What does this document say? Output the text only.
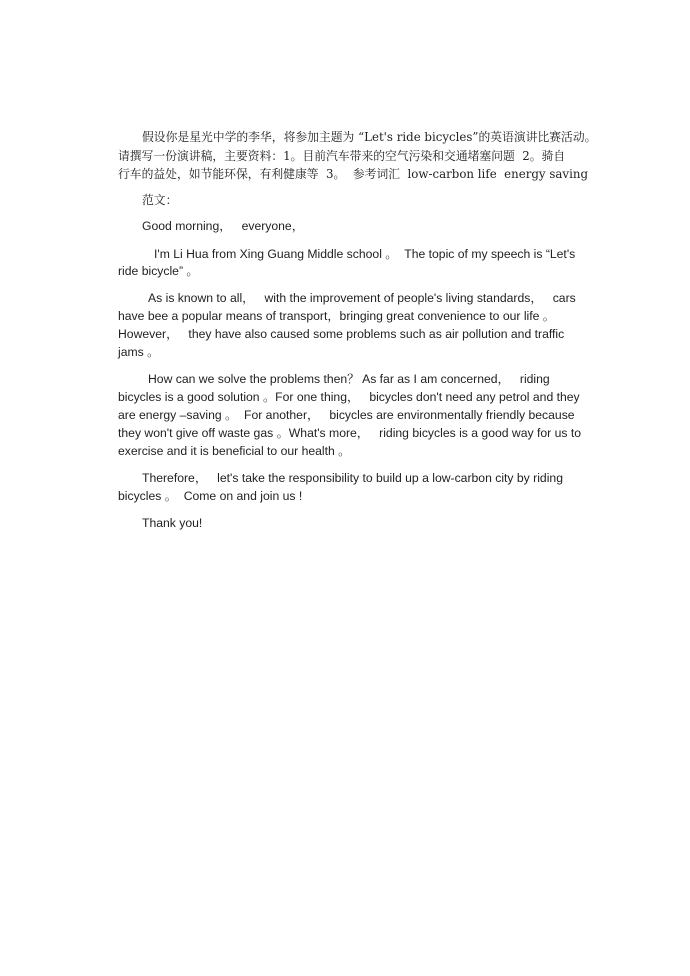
假设你是星光中学的李华，将参加主题为 “Let's ride bicycles”的英语演讲比赛活动。
请撰写一份演讲稿，主要资料：1。目前汽车带来的空气污染和交通堵塞问题  2。骑自
行车的益处，如节能环保，有利健康等  3。  参考词汇  low-carbon life  energy saving
范文：
Good morning，   everyone，
I'm Li Hua from Xing Guang Middle school 。  The topic of my speech is “Let's
ride bicycle” 。
As is known to all，   with the improvement of people's living standards，   cars
have bee a popular means of transport，bringing great convenience to our life 。
However，   they have also caused some problems such as air pollution and traffic
jams 。
How can we solve the problems then？ As far as I am concerned，   riding
bicycles is a good solution 。For one thing，   bicycles don't need any petrol and they
are energy –saving 。  For another，   bicycles are environmentally friendly because
they won't give off waste gas 。What's more，   riding bicycles is a good way for us to
exercise and it is beneficial to our health 。
Therefore，   let's take the responsibility to build up a low-carbon city by riding
bicycles 。  Come on and join us !
Thank you!
